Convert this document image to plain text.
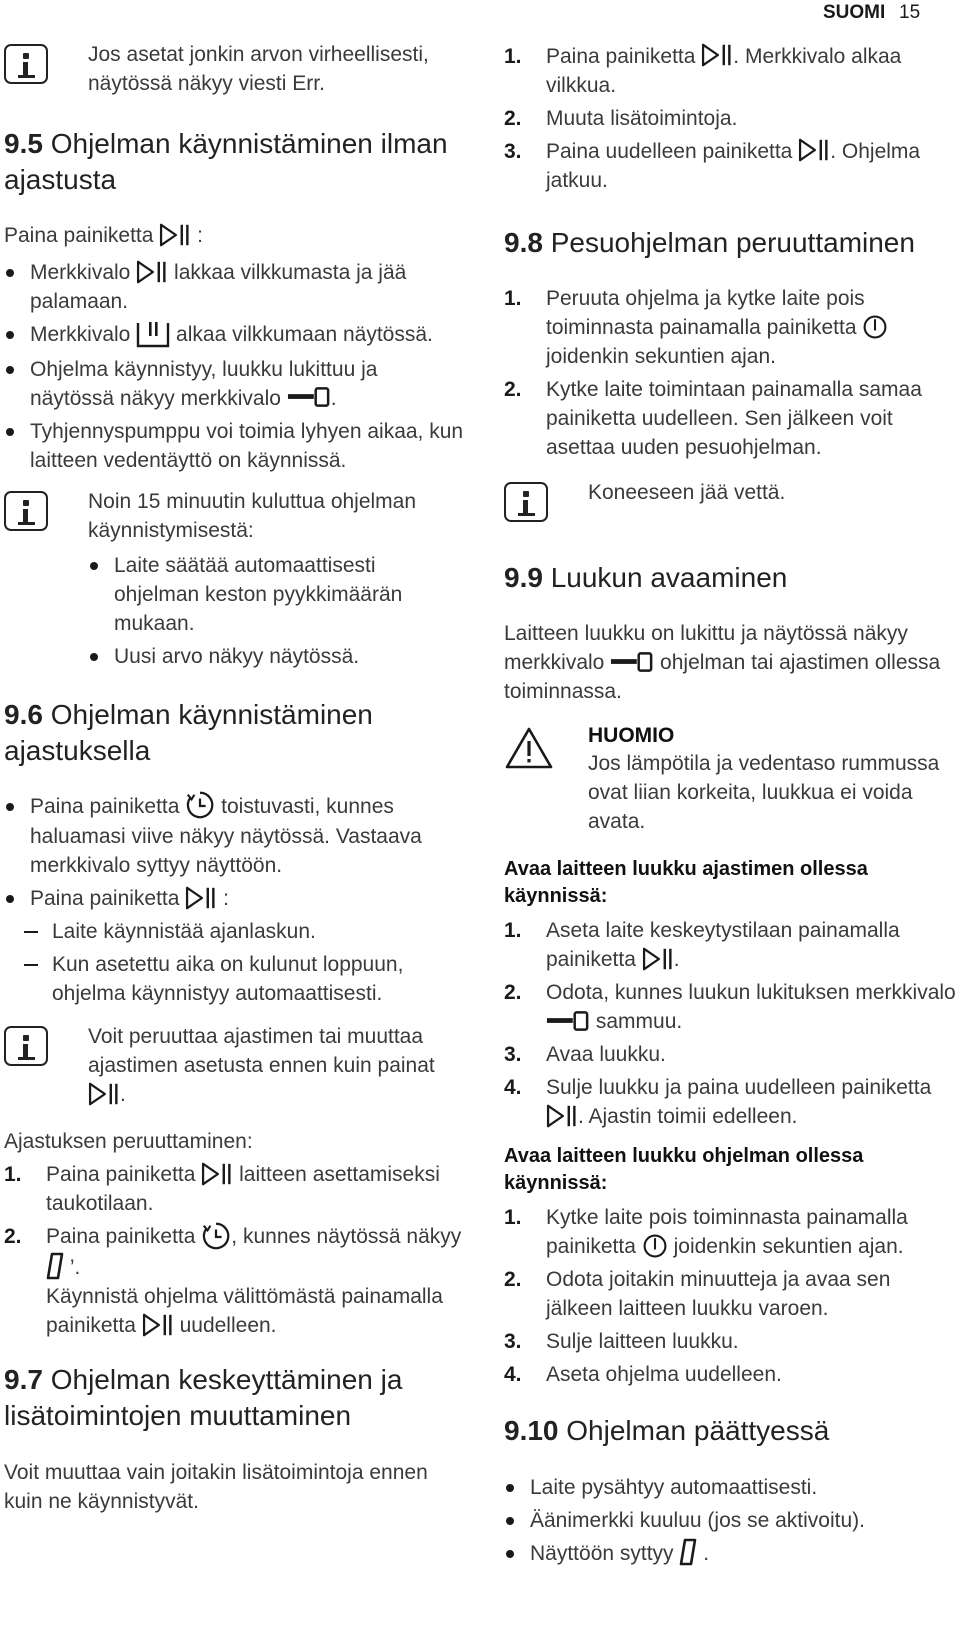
SUOMI 15

Jos asetat jonkin arvon virheellisesti, näytössä näkyy viesti Err.

9.5 Ohjelman käynnistäminen ilman ajastusta

Paina painiketta :

Merkkivalo lakkaa vilkkumasta ja jää palamaan.
Merkkivalo alkaa vilkkumaan näytössä.
Ohjelma käynnistyy, luukku lukittuu ja näytössä näkyy merkkivalo .
Tyhjennyspumppu voi toimia lyhyen aikaa, kun laitteen vedentäyttö on käynnissä.

Noin 15 minuutin kuluttua ohjelman käynnistymisestä:

Laite säätää automaattisesti ohjelman keston pyykkimäärän mukaan.
Uusi arvo näkyy näytössä.
9.6 Ohjelman käynnistäminen ajastuksella
Paina painiketta toistuvasti, kunnes haluamasi viive näkyy näytössä. Vastaava merkkivalo syttyy näyttöön.
Paina painiketta :
Laite käynnistää ajanlaskun.
Kun asetettu aika on kulunut loppuun, ohjelma käynnistyy automaattisesti.

Voit peruuttaa ajastimen tai muuttaa ajastimen asetusta ennen kuin painat .

Ajastuksen peruuttaminen:

1. Paina painiketta laitteen asettamiseksi taukotilaan.
2. Paina painiketta , kunnes näytössä näkyy  ’.
Käynnistä ohjelma välittömästä painamalla painiketta uudelleen.
9.7 Ohjelman keskeyttäminen ja lisätoimintojen muuttaminen

Voit muuttaa vain joitakin lisätoimintoja ennen kuin ne käynnistyvät.

1. Paina painiketta . Merkkivalo alkaa vilkkua.
2. Muuta lisätoimintoja.
3. Paina uudelleen painiketta . Ohjelma jatkuu.
9.8 Pesuohjelman peruuttaminen
1. Peruuta ohjelma ja kytke laite pois toiminnasta painamalla painiketta  joidenkin sekuntien ajan.
2. Kytke laite toimintaan painamalla samaa painiketta uudelleen. Sen jälkeen voit asettaa uuden pesuohjelman.

Koneeseen jää vettä.

9.9 Luukun avaaminen

Laitteen luukku on lukittu ja näytössä näkyy merkkivalo	ohjelman tai ajastimen ollessa toiminnassa.

HUOMIO

Jos lämpötila ja vedentaso rummussa ovat liian korkeita, luukkua ei voida avata.

Avaa laitteen luukku ajastimen ollessa käynnissä:

1. Aseta laite keskeytystilaan painamalla painiketta .
2. Odota, kunnes luukun lukituksen merkkivalo  sammuu.
3. Avaa luukku.
4. Sulje luukku ja paina uudelleen painiketta . Ajastin toimii edelleen.

Avaa laitteen luukku ohjelman ollessa käynnissä:

1. Kytke laite pois toiminnasta painamalla painiketta joidenkin sekuntien ajan.
2. Odota joitakin minuutteja ja avaa sen jälkeen laitteen luukku varoen.
3. Sulje laitteen luukku.
4. Aseta ohjelma uudelleen.
9.10 Ohjelman päättyessä
Laite pysähtyy automaattisesti.
Äänimerkki kuuluu (jos se aktivoitu).
Näyttöön syttyy .
